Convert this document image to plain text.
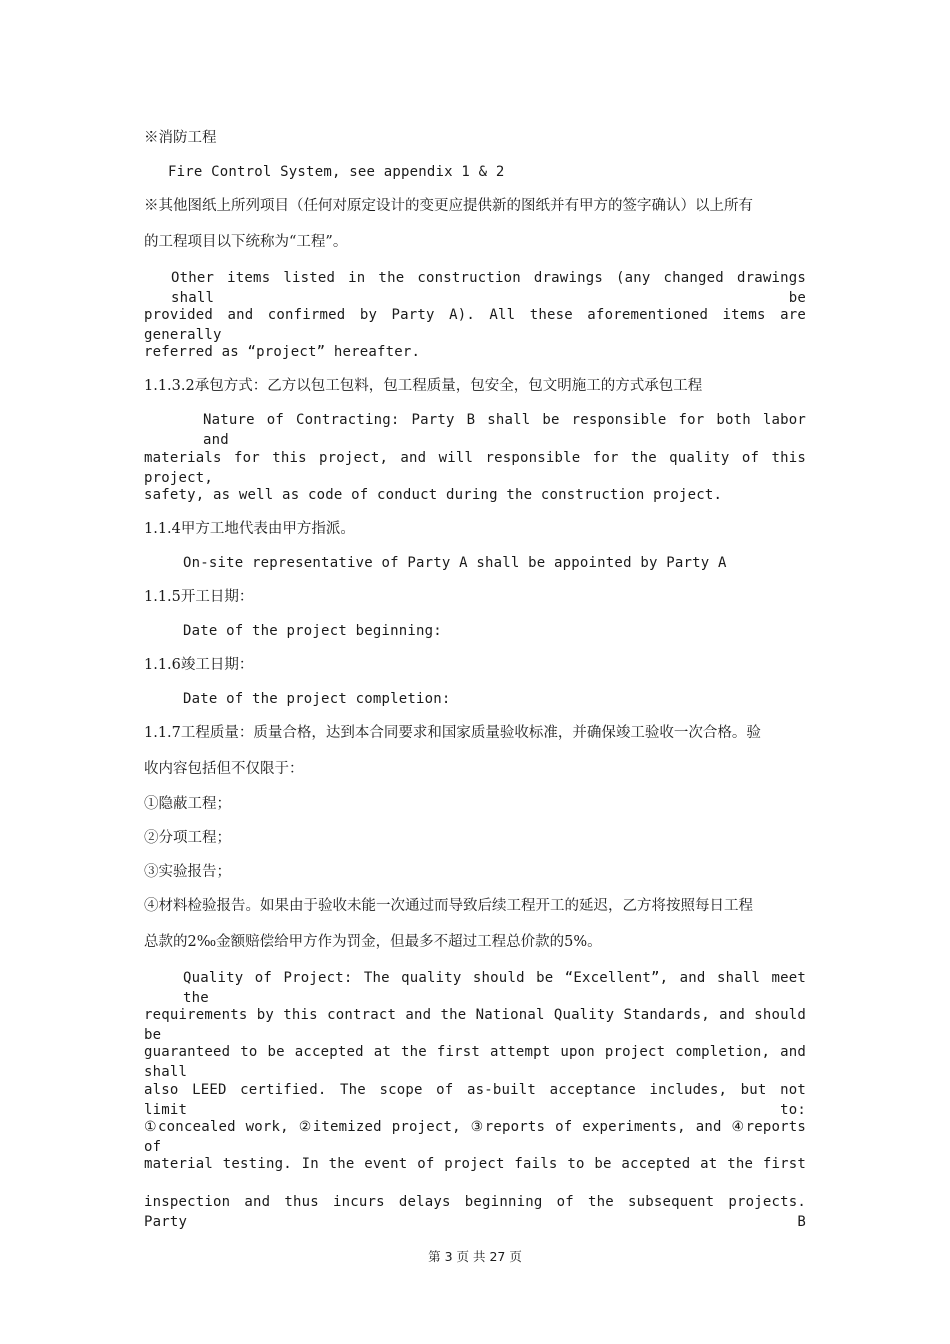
※消防工程
Fire Control System, see appendix 1 & 2
※其他图纸上所列项目（任何对原定设计的变更应提供新的图纸并有甲方的签字确认）以上所有
的工程项目以下统称为“工程”。
Other items listed in the construction drawings (any changed drawings shall be
provided and confirmed by Party A). All these aforementioned items are generally
referred as “project” hereafter.
1.1.3.2承包方式：乙方以包工包料，包工程质量，包安全，包文明施工的方式承包工程
Nature of Contracting: Party B shall be responsible for both labor and
materials for this project, and will responsible for the quality of this project,
safety, as well as code of conduct during the construction project.
1.1.4甲方工地代表由甲方指派。
On-site representative of Party A shall be appointed by Party A
1.1.5开工日期：
Date of the project beginning:
1.1.6竣工日期：
Date of the project completion:
1.1.7工程质量：质量合格，达到本合同要求和国家质量验收标准，并确保竣工验收一次合格。验
收内容包括但不仅限于：
①隐蔽工程；
②分项工程；
③实验报告；
④材料检验报告。如果由于验收未能一次通过而导致后续工程开工的延迟，乙方将按照每日工程
总款的2‰金额赔偿给甲方作为罚金，但最多不超过工程总价款的5%。
Quality of Project: The quality should be “Excellent”, and shall meet the
requirements by this contract and the National Quality Standards, and should be
guaranteed to be accepted at the first attempt upon project completion, and shall
also LEED certified. The scope of as-built acceptance includes, but not limit to:
①concealed work, ②itemized project, ③reports of experiments, and ④reports of
material testing. In the event of project fails to be accepted at the first
inspection and thus incurs delays beginning of the subsequent projects. Party B
第 3 页 共 27 页
